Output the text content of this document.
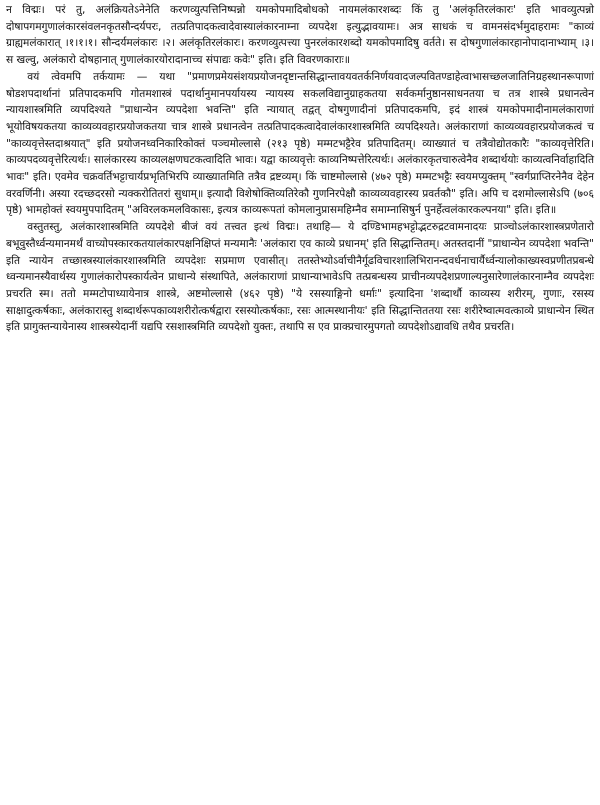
न विद्मः। परं तु, अलंक्रियतेऽनेनेति करणव्युत्पत्तिनिष्पन्नो यमकोपमादिबोधको नायमलंकारशब्दः किं तु 'अलंकृतिरलंकारः' इति भावव्युत्पन्नो दोषापगमगुणालंकारसंवलनकृतसौन्दर्यपरः, तत्प्रतिपादकत्वादेवास्यालंकारनाम्ना व्यपदेश इत्युद्भावयामः। अत्र साधकं च वामनसंदर्भमुदाहरामः "काव्यं ग्राह्यमलंकारात् ।१।१।१। सौन्दर्यमलंकारः ।२। अलंकृतिरलंकारः। करणव्युत्पत्त्या पुनरलंकारशब्दो यमकोपमादिषु वर्तते। स दोषगुणालंकारहानोपादानाभ्याम् ।३। स खल्वु, अलंकारो दोषहानात् गुणालंकारयोरादानाच्च संपाद्यः कवेः" इति। इति विवरणकाराः॥

वयं त्वेवमपि तर्कयामः — यथा "प्रमाणप्रमेयसंशयप्रयोजनदृष्टान्तसिद्धान्तावयवतर्कनिर्णयवादजल्पवितण्डाहेत्वाभासच्छलजातिनिग्रहस्थानरूपाणां षोडशपदार्थानां प्रतिपादकमपि गोतमशास्त्रं पदार्थानुमानपर्यायस्य न्यायस्य सकलविद्यानुग्राहकतया सर्वकर्मानुष्ठानसाधनतया च तत्र शास्त्रे प्रधानत्वेन न्यायशास्त्रमिति व्यपदिश्यते "प्राधान्येन व्यपदेशा भवन्ति" इति न्यायात् तद्वत् दोषगुणादीनां प्रतिपादकमपि, इदं शास्त्रं यमकोपमादीनामलंकाराणां भूयोविषयकतया काव्यव्यवहारप्रयोजकतया चात्र शास्त्रे प्रधानत्वेन तत्प्रतिपादकत्वादेवालंकारशास्त्रमिति व्यपदिश्यते। अलंकाराणां काव्यव्यवहारप्रयोजकत्वं च "काव्यवृत्तेस्तदाश्रयात्" इति प्रयोजनध्वनिकारिकोक्तं पञ्चमोल्लासे (२१३ पृष्ठे) मम्मटभट्टैरेव प्रतिपादितम्। व्याख्यातं च तत्रैवोद्योतकारैः "काव्यवृत्तेरिति। काव्यपदव्यवृत्तेरित्यर्थः। सालंकारस्य काव्यलक्षणघटकत्वादिति भावः। यद्वा काव्यवृत्तेः काव्यनिष्पत्तेरित्यर्थः। अलंकारकृतचारुत्वेनैव शब्दार्थयोः काव्यत्वनिर्वाहादिति भावः" इति। एवमेव चक्रवर्तिभट्टाचार्यप्रभृतिभिरपि व्याख्यातमिति तत्रैव द्रष्टव्यम्। किं चाष्टमोल्लासे (४७२ पृष्ठे) मम्मटभट्टैः स्वयमप्युक्तम् "स्वर्गप्राप्तिरनेनैव देहेन वरवर्णिनी। अस्या रदच्छदरसो न्यक्करोतितरां सुधाम्॥ इत्यादौ विशेषोक्तिव्यतिरेकौ गुणनिरपेक्षौ काव्यव्यवहारस्य प्रवर्तकौ" इति। अपि च दशमोल्लासेऽपि (७०६ पृष्ठे) भामहोक्तं स्वयमुपपादितम् "अविरलकमलविकासः, इत्यत्र काव्यरूपतां कोमलानुप्रासमहिम्नैव समाम्नासिषुर्न पुनर्हेत्वलंकारकल्पनया" इति। इति॥

वस्तुतस्तु, अलंकारशास्त्रमिति व्यपदेशे बीजं वयं तत्त्वत इत्थं विद्मः। तथाहि— ये दण्डिभामहभट्टोद्भटरुद्रटवामनादयः प्राञ्चोऽलंकारशास्त्रप्रणेतारो बभूवुस्तैर्ध्वन्यमानमर्थं वाच्योपस्कारकतयालंकारपक्षनिक्षिप्तं मन्यमानैः 'अलंकारा एव काव्ये प्रधानम्' इति सिद्धान्तितम्। अतस्तदानीं "प्राधान्येन व्यपदेशा भवन्ति" इति न्यायेन तच्छास्त्रस्यालंकारशास्त्रमिति व्यपदेशः सप्रमाण एवासीत्। ततस्तेभ्योऽर्वाचीनैर्गूढविचारशालिभिरानन्दवर्धनाचार्यैर्ध्वन्यालोकाख्यस्वप्रणीतप्रबन्धे ध्वन्यमानस्यैवार्थस्य गुणालंकारोपस्कार्यत्वेन प्राधान्ये संस्थापिते, अलंकाराणां प्राधान्याभावेऽपि तत्प्रबन्धस्य प्राचीनव्यपदेशप्रणाल्यनुसारेणालंकारनाम्नैव व्यपदेशः प्रचरति स्म। ततो मम्मटोपाध्यायेनात्र शास्त्रे, अष्टमोल्लासे (४६२ पृष्ठे) "ये रसस्याङ्गिनो धर्माः" इत्यादिना 'शब्दार्थौ काव्यस्य शरीरम्, गुणाः, रसस्य साक्षादुत्कर्षकाः, अलंकारास्तु शब्दार्थरूपकाव्यशरीरोत्कर्षद्वारा रसस्योत्कर्षकाः, रसः आत्मस्थानीयः' इति सिद्धान्तिततया रसः शरीरेष्वात्मवत्काव्ये प्राधान्येन स्थित इति प्रागुक्तन्यायेनास्य शास्त्रस्येदानीं यद्यपि रसशास्त्रमिति व्यपदेशो युक्तः, तथापि स एव प्राक्प्रचारमुपगतो व्यपदेशोऽद्यावधि तथैव प्रचरति।
